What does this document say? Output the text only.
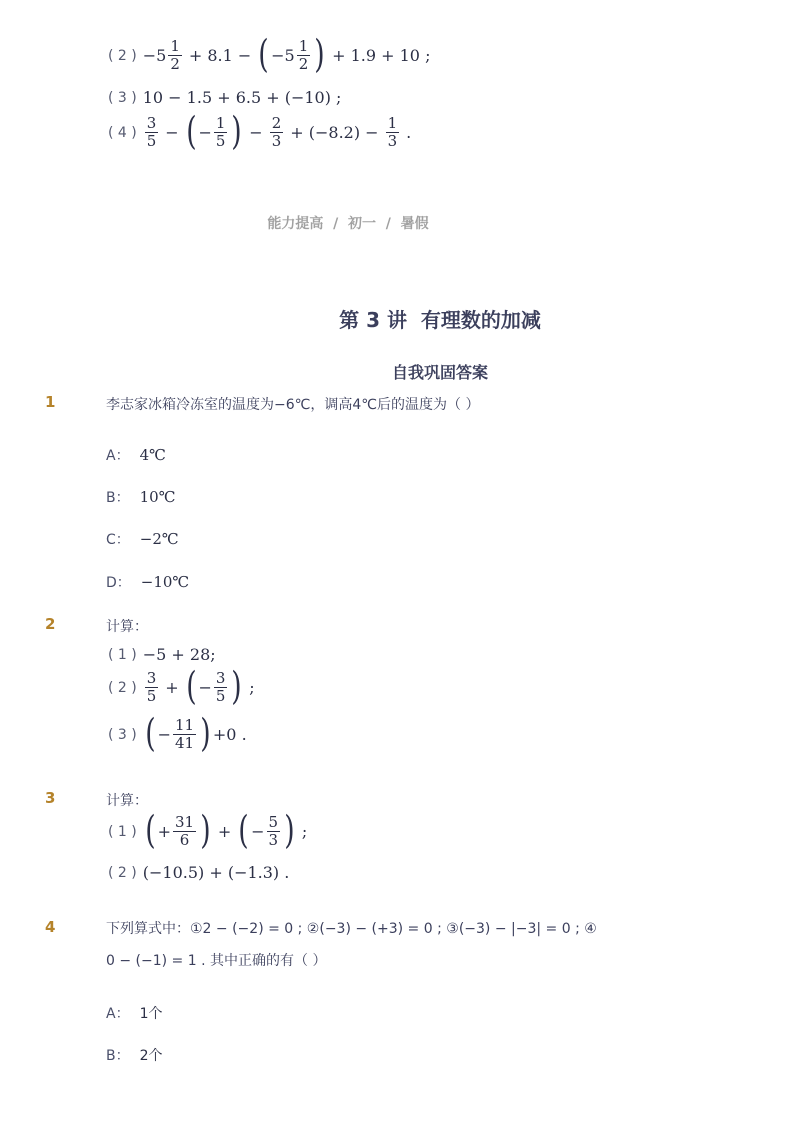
( 2 ) $-5 \frac{1}{2} + 8.1$ − ( $-5 \frac{1}{2}$ ) + 1.9 + 10 ;
( 3 ) 10 − 1.5 + 6.5 + (−10) ;
( 4 ) $\frac{3}{5}$ − ( − $\frac{1}{5}$ ) − $\frac{2}{3} + (-8.2) - \frac{1}{3}$ .
能力提高  /  初一  /  暑假
第 3 讲  有理数的加减
自我巩固答案
1	李志家冰箱冷冻室的温度为−6℃，调高4℃后的温度为（ ）
A： 4℃
B： 10℃
C： −2℃
D： −10℃
2	计算：
( 1 ) −5 + 28;
( 2 ) $\frac{3}{5}$ + ( − $\frac{3}{5}$ ) ;
( 3 ) ( − $\frac{11}{41}$ ) +0 .
3	计算：
( 1 ) ( + $\frac{31}{6}$ ) + ( − $\frac{5}{3}$ ) ;
( 2 ) (−10.5) + (−1.3) .
4	下列算式中：①2 − (−2) = 0 ; ②(−3) − (+3) = 0 ; ③(−3) − |−3| = 0 ; ④
0 − (−1) = 1 . 其中正确的有（ ）
A： 1个
B： 2个
